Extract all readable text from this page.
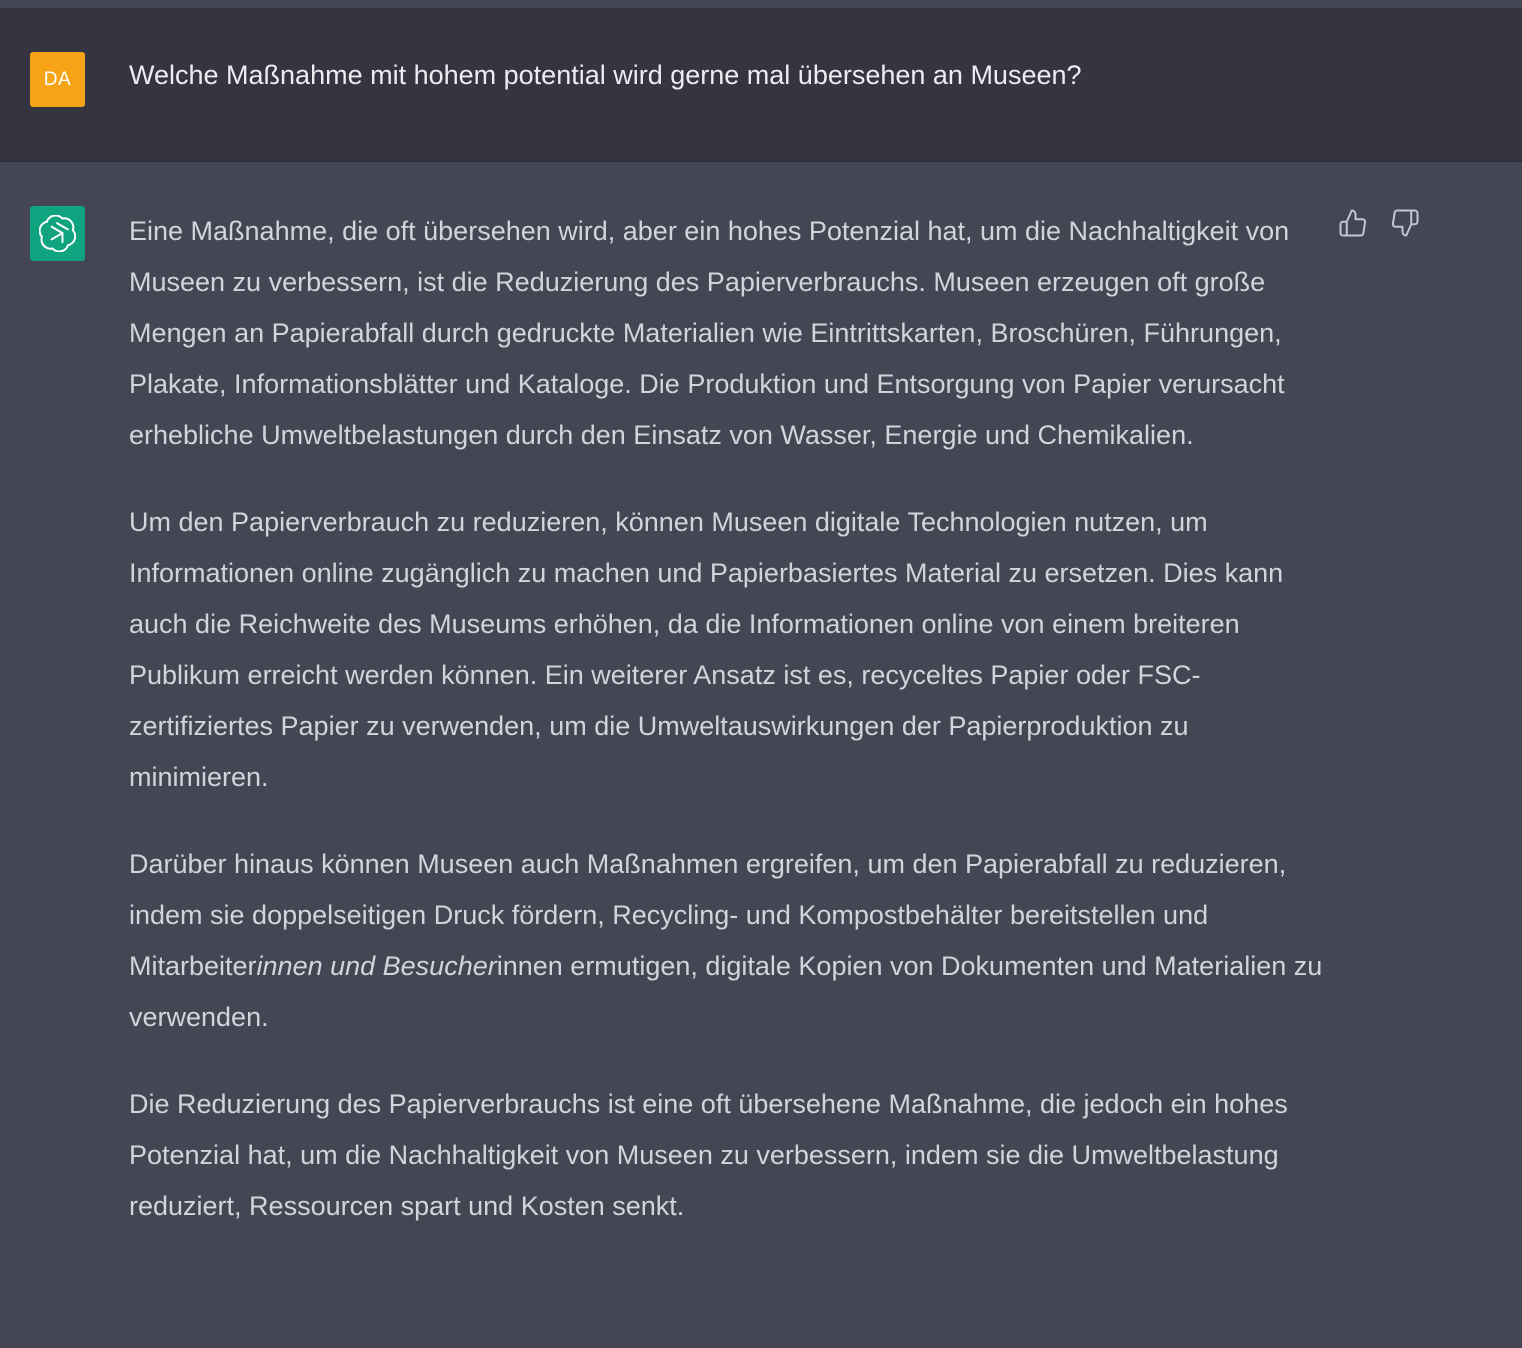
DA	Welche Maßnahme mit hohem potential wird gerne mal übersehen an Museen?

Eine Maßnahme, die oft übersehen wird, aber ein hohes Potenzial hat, um die Nachhaltigkeit von Museen zu verbessern, ist die Reduzierung des Papierverbrauchs. Museen erzeugen oft große Mengen an Papierabfall durch gedruckte Materialien wie Eintrittskarten, Broschüren, Führungen, Plakate, Informationsblätter und Kataloge. Die Produktion und Entsorgung von Papier verursacht erhebliche Umweltbelastungen durch den Einsatz von Wasser, Energie und Chemikalien.

Um den Papierverbrauch zu reduzieren, können Museen digitale Technologien nutzen, um Informationen online zugänglich zu machen und Papierbasiertes Material zu ersetzen. Dies kann auch die Reichweite des Museums erhöhen, da die Informationen online von einem breiteren Publikum erreicht werden können. Ein weiterer Ansatz ist es, recyceltes Papier oder FSC-zertifiziertes Papier zu verwenden, um die Umweltauswirkungen der Papierproduktion zu minimieren.

Darüber hinaus können Museen auch Maßnahmen ergreifen, um den Papierabfall zu reduzieren, indem sie doppelseitigen Druck fördern, Recycling- und Kompostbehälter bereitstellen und Mitarbeiterinnen und Besucherinnen ermutigen, digitale Kopien von Dokumenten und Materialien zu verwenden.

Die Reduzierung des Papierverbrauchs ist eine oft übersehene Maßnahme, die jedoch ein hohes Potenzial hat, um die Nachhaltigkeit von Museen zu verbessern, indem sie die Umweltbelastung reduziert, Ressourcen spart und Kosten senkt.
